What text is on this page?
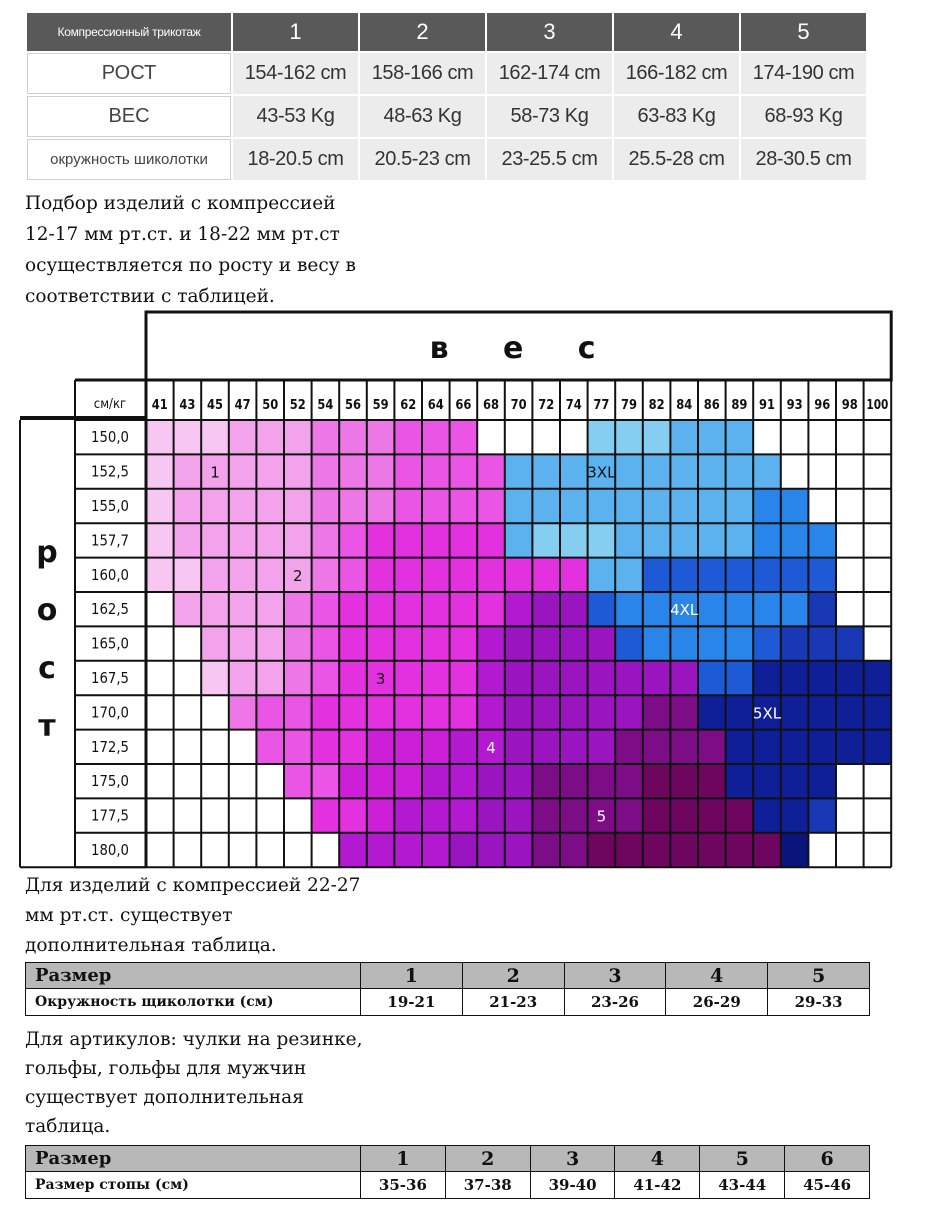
Компрессионный трикотаж	1	2	3	4	5
РОСТ	154-162 cm	158-166 cm	162-174 cm	166-182 cm	174-190 cm
ВЕС	43-53 Kg	48-63 Kg	58-73 Kg	63-83 Kg	68-93 Kg
окружность шиколотки	18-20.5 cm	20.5-23 cm	23-25.5 cm	25.5-28 cm	28-30.5 cm
Подбор изделий с компрессией
12-17 мм рт.ст. и 18-22 мм рт.ст
осуществляется по росту и весу в
соответствии с таблицей.
в е с
см/кг 41 43 45 47 50 52 54 56 59 62 64 66 68 70 72 74 77 79 82 84 86 89 91 93 96 98 100
150,0
152,5
155,0
157,7
160,0
162,5
165,0
167,5
170,0
172,5
175,0
177,5
180,0
р
о
с
т
1
2
3
3XL
4XL
4
5XL
5
Для изделий с компрессией 22-27
мм рт.ст. существует
дополнительная таблица.
Размер	1	2	3	4	5
Окружность щиколотки (см)	19-21	21-23	23-26	26-29	29-33
Для артикулов: чулки на резинке,
гольфы, гольфы для мужчин
существует дополнительная
таблица.
Размер	1	2	3	4	5	6
Размер стопы (см)	35-36	37-38	39-40	41-42	43-44	45-46
